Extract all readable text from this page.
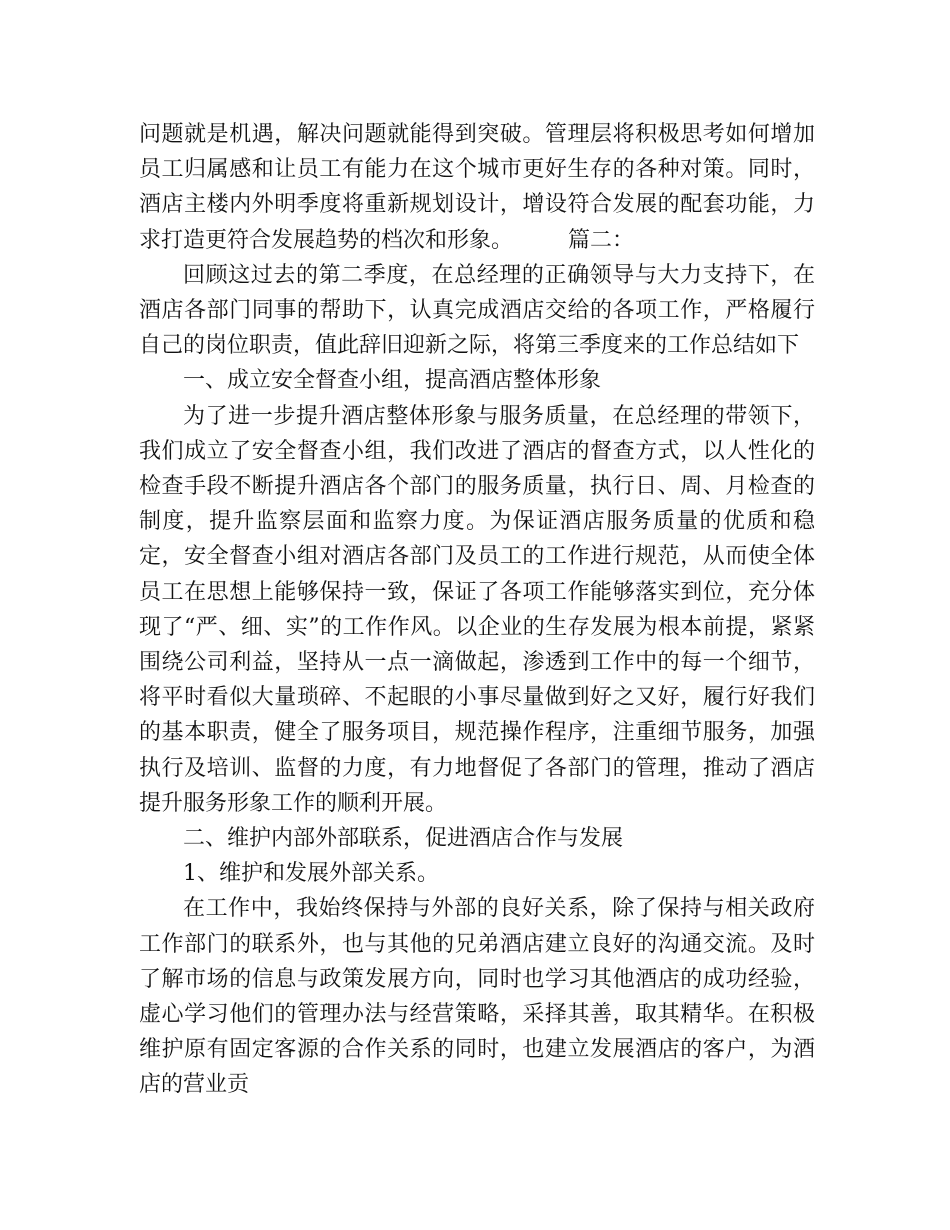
问题就是机遇，解决问题就能得到突破。管理层将积极思考如何增加员工归属感和让员工有能力在这个城市更好生存的各种对策。同时，酒店主楼内外明季度将重新规划设计，增设符合发展的配套功能，力求打造更符合发展趋势的档次和形象。　　　篇二：

回顾这过去的第二季度，在总经理的正确领导与大力支持下，在酒店各部门同事的帮助下，认真完成酒店交给的各项工作，严格履行自己的岗位职责，值此辞旧迎新之际，将第三季度来的工作总结如下

一、成立安全督查小组，提高酒店整体形象

为了进一步提升酒店整体形象与服务质量，在总经理的带领下，我们成立了安全督查小组，我们改进了酒店的督查方式，以人性化的检查手段不断提升酒店各个部门的服务质量，执行日、周、月检查的制度，提升监察层面和监察力度。为保证酒店服务质量的优质和稳定，安全督查小组对酒店各部门及员工的工作进行规范，从而使全体员工在思想上能够保持一致，保证了各项工作能够落实到位，充分体现了“严、细、实”的工作作风。以企业的生存发展为根本前提，紧紧围绕公司利益，坚持从一点一滴做起，渗透到工作中的每一个细节，将平时看似大量琐碎、不起眼的小事尽量做到好之又好，履行好我们的基本职责，健全了服务项目，规范操作程序，注重细节服务，加强执行及培训、监督的力度，有力地督促了各部门的管理，推动了酒店提升服务形象工作的顺利开展。

二、维护内部外部联系，促进酒店合作与发展

1、维护和发展外部关系。

在工作中，我始终保持与外部的良好关系，除了保持与相关政府工作部门的联系外，也与其他的兄弟酒店建立良好的沟通交流。及时了解市场的信息与政策发展方向，同时也学习其他酒店的成功经验，虚心学习他们的管理办法与经营策略，采择其善，取其精华。在积极维护原有固定客源的合作关系的同时，也建立发展酒店的客户，为酒店的营业贡
